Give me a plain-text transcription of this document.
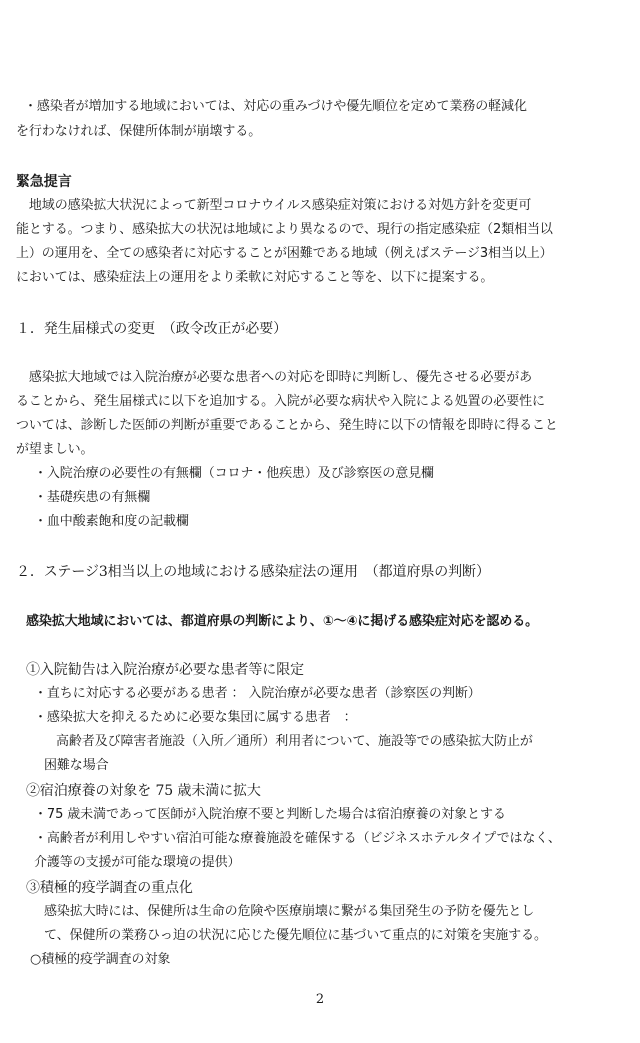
・感染者が増加する地域においては、対応の重みづけや優先順位を定めて業務の軽減化
を行わなければ、保健所体制が崩壊する。
緊急提言
　地域の感染拡大状況によって新型コロナウイルス感染症対策における対処方針を変更可
能とする。つまり、感染拡大の状況は地域により異なるので、現行の指定感染症（2類相当以
上）の運用を、全ての感染者に対応することが困難である地域（例えばステージ3相当以上）
においては、感染症法上の運用をより柔軟に対応すること等を、以下に提案する。
１．発生届様式の変更　（政令改正が必要）
　感染拡大地域では入院治療が必要な患者への対応を即時に判断し、優先させる必要があ
ることから、発生届様式に以下を追加する。入院が必要な病状や入院による処置の必要性に
ついては、診断した医師の判断が重要であることから、発生時に以下の情報を即時に得ること
が望ましい。
・入院治療の必要性の有無欄（コロナ・他疾患）及び診察医の意見欄
・基礎疾患の有無欄
・血中酸素飽和度の記載欄
２．ステージ3相当以上の地域における感染症法の運用　（都道府県の判断）
感染拡大地域においては、都道府県の判断により、①～④に掲げる感染症対応を認める。
①入院勧告は入院治療が必要な患者等に限定
・直ちに対応する必要がある患者 ： 入院治療が必要な患者（診察医の判断）
・感染拡大を抑えるために必要な集団に属する患者　：
高齢者及び障害者施設（入所／通所）利用者について、施設等での感染拡大防止が
困難な場合
②宿泊療養の対象を 75 歳未満に拡大
・75 歳未満であって医師が入院治療不要と判断した場合は宿泊療養の対象とする
・高齢者が利用しやすい宿泊可能な療養施設を確保する（ビジネスホテルタイプではなく、
介護等の支援が可能な環境の提供）
③積極的疫学調査の重点化
感染拡大時には、保健所は生命の危険や医療崩壊に繋がる集団発生の予防を優先とし
て、保健所の業務ひっ迫の状況に応じた優先順位に基づいて重点的に対策を実施する。
○積極的疫学調査の対象
2
